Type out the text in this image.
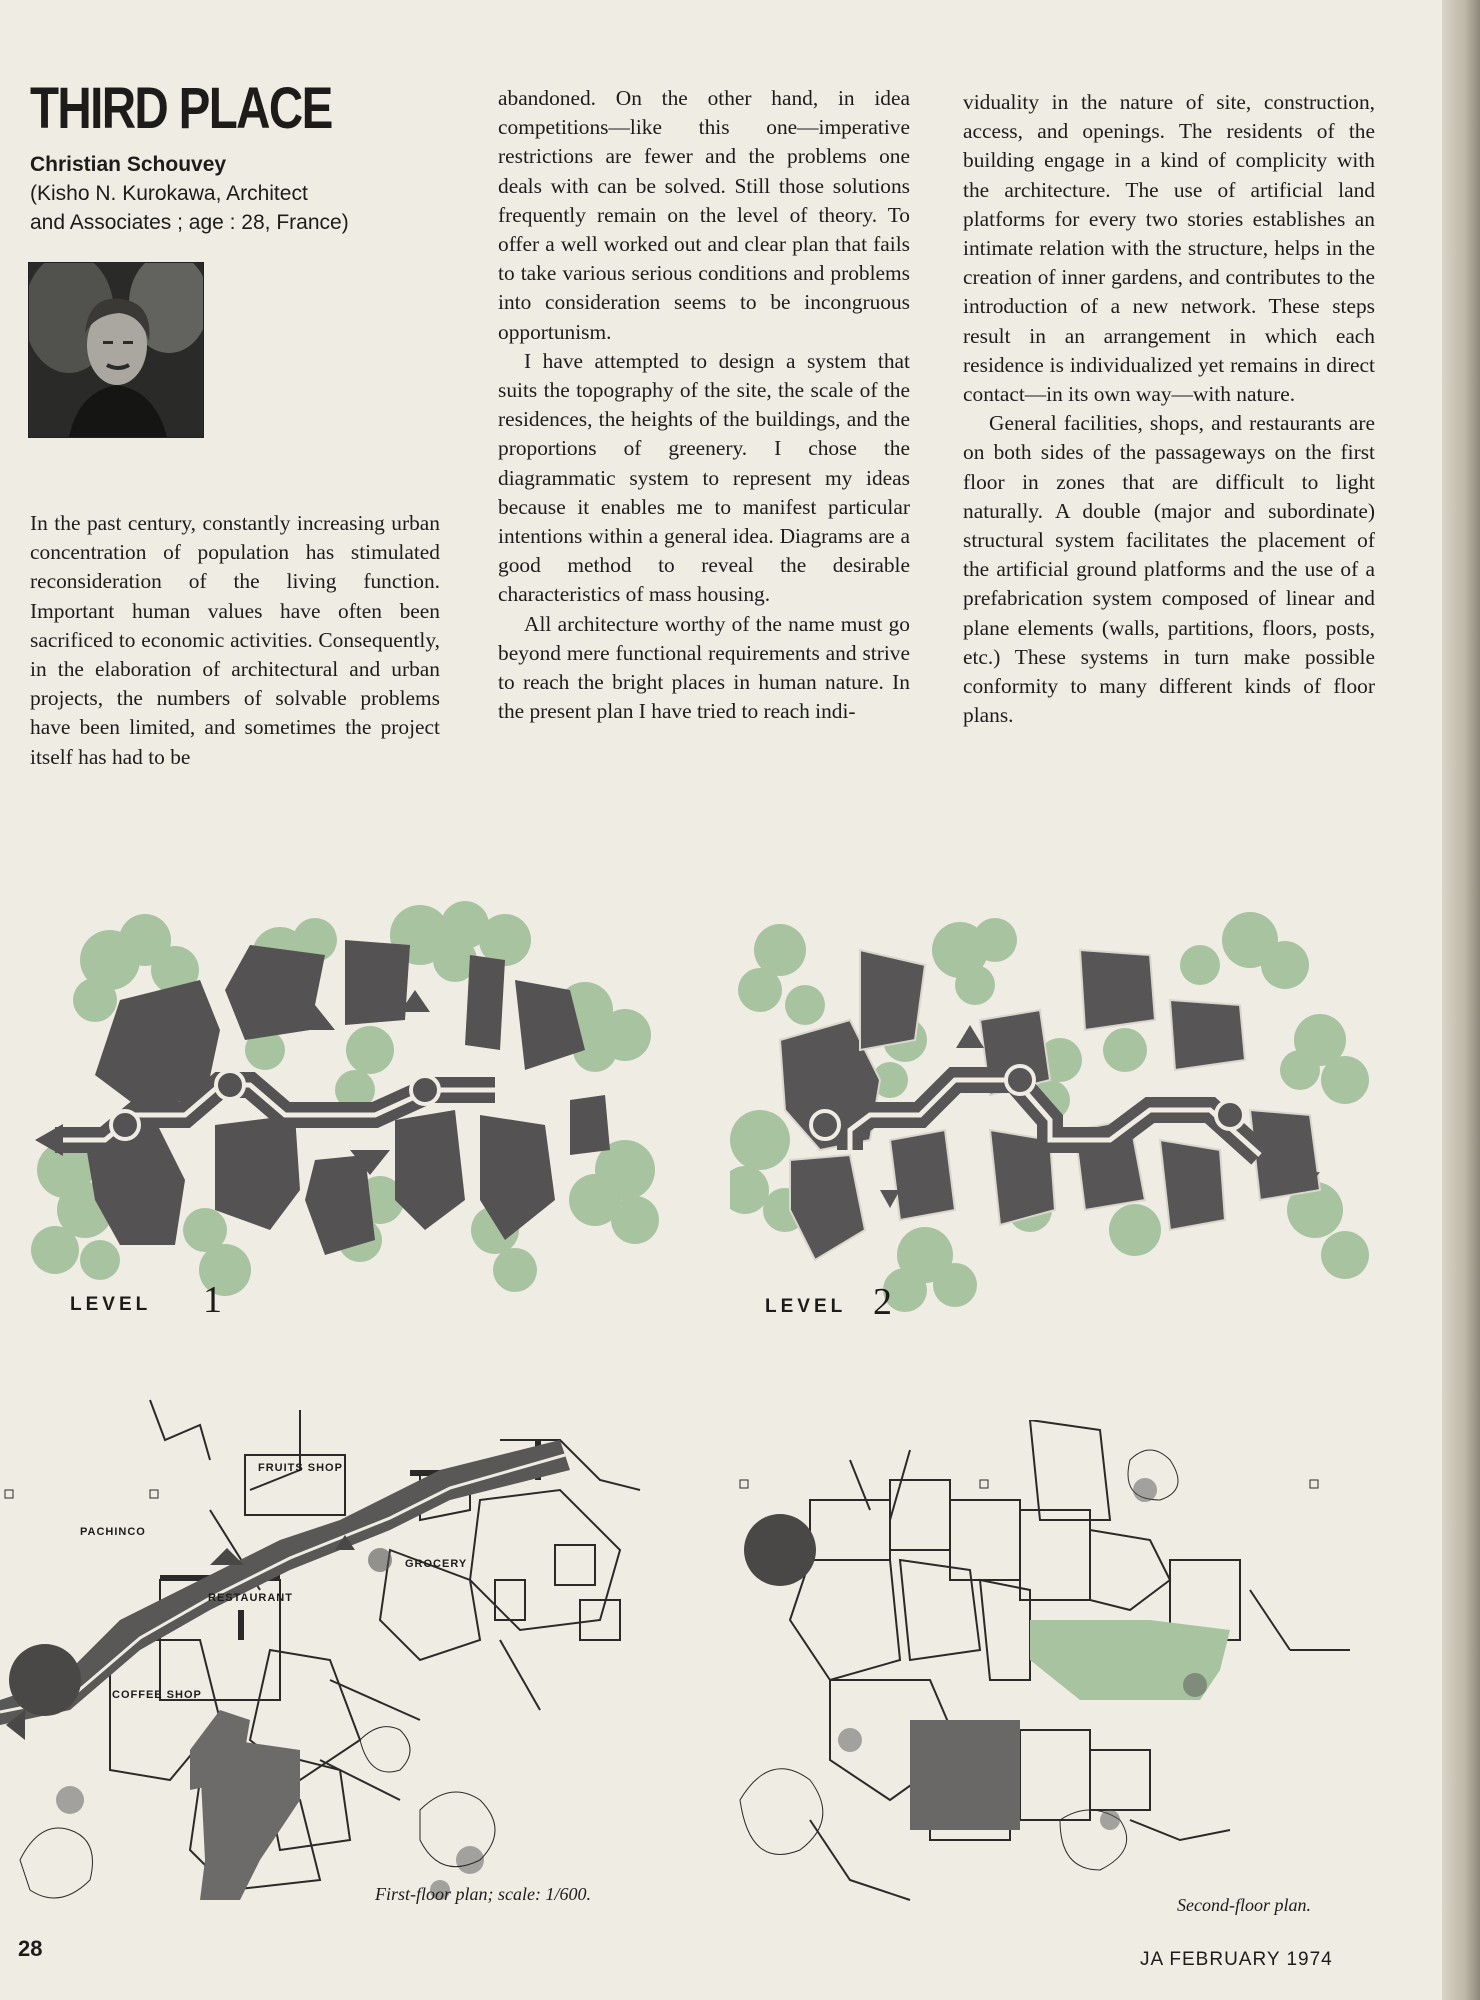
THIRD PLACE
Christian Schouvey
(Kisho N. Kurokawa, Architect
and Associates ; age : 28, France)

In the past century, constantly increasing urban concentration of population has stimulated reconsideration of the living function. Important human values have often been sacrificed to economic activities. Consequently, in the elaboration of architectural and urban projects, the numbers of solvable problems have been limited, and sometimes the project itself has had to be

abandoned. On the other hand, in idea competitions—like this one—imperative restrictions are fewer and the problems one deals with can be solved. Still those solutions frequently remain on the level of theory. To offer a well worked out and clear plan that fails to take various serious conditions and problems into consideration seems to be incongruous opportunism.

I have attempted to design a system that suits the topography of the site, the scale of the residences, the heights of the buildings, and the proportions of greenery. I chose the diagrammatic system to represent my ideas because it enables me to manifest particular intentions within a general idea. Diagrams are a good method to reveal the desirable characteristics of mass housing.

All architecture worthy of the name must go beyond mere functional requirements and strive to reach the bright places in human nature. In the present plan I have tried to reach indi-

viduality in the nature of site, construction, access, and openings. The residents of the building engage in a kind of complicity with the architecture. The use of artificial land platforms for every two stories establishes an intimate relation with the structure, helps in the creation of inner gardens, and contributes to the introduction of a new network. These steps result in an arrangement in which each residence is individualized yet remains in direct contact—in its own way—with nature.

General facilities, shops, and restaurants are on both sides of the passageways on the first floor in zones that are difficult to light naturally. A double (major and subordinate) structural system facilitates the placement of the artificial ground platforms and the use of a prefabrication system composed of linear and plane elements (walls, partitions, floors, posts, etc.) These systems in turn make possible conformity to many different kinds of floor plans.

LEVEL 1	LEVEL 2
FRUITS SHOP
PACHINCO
GROCERY
RESTAURANT
COFFEE SHOP
First-floor plan; scale: 1/600.
Second-floor plan.
28	JA FEBRUARY 1974
